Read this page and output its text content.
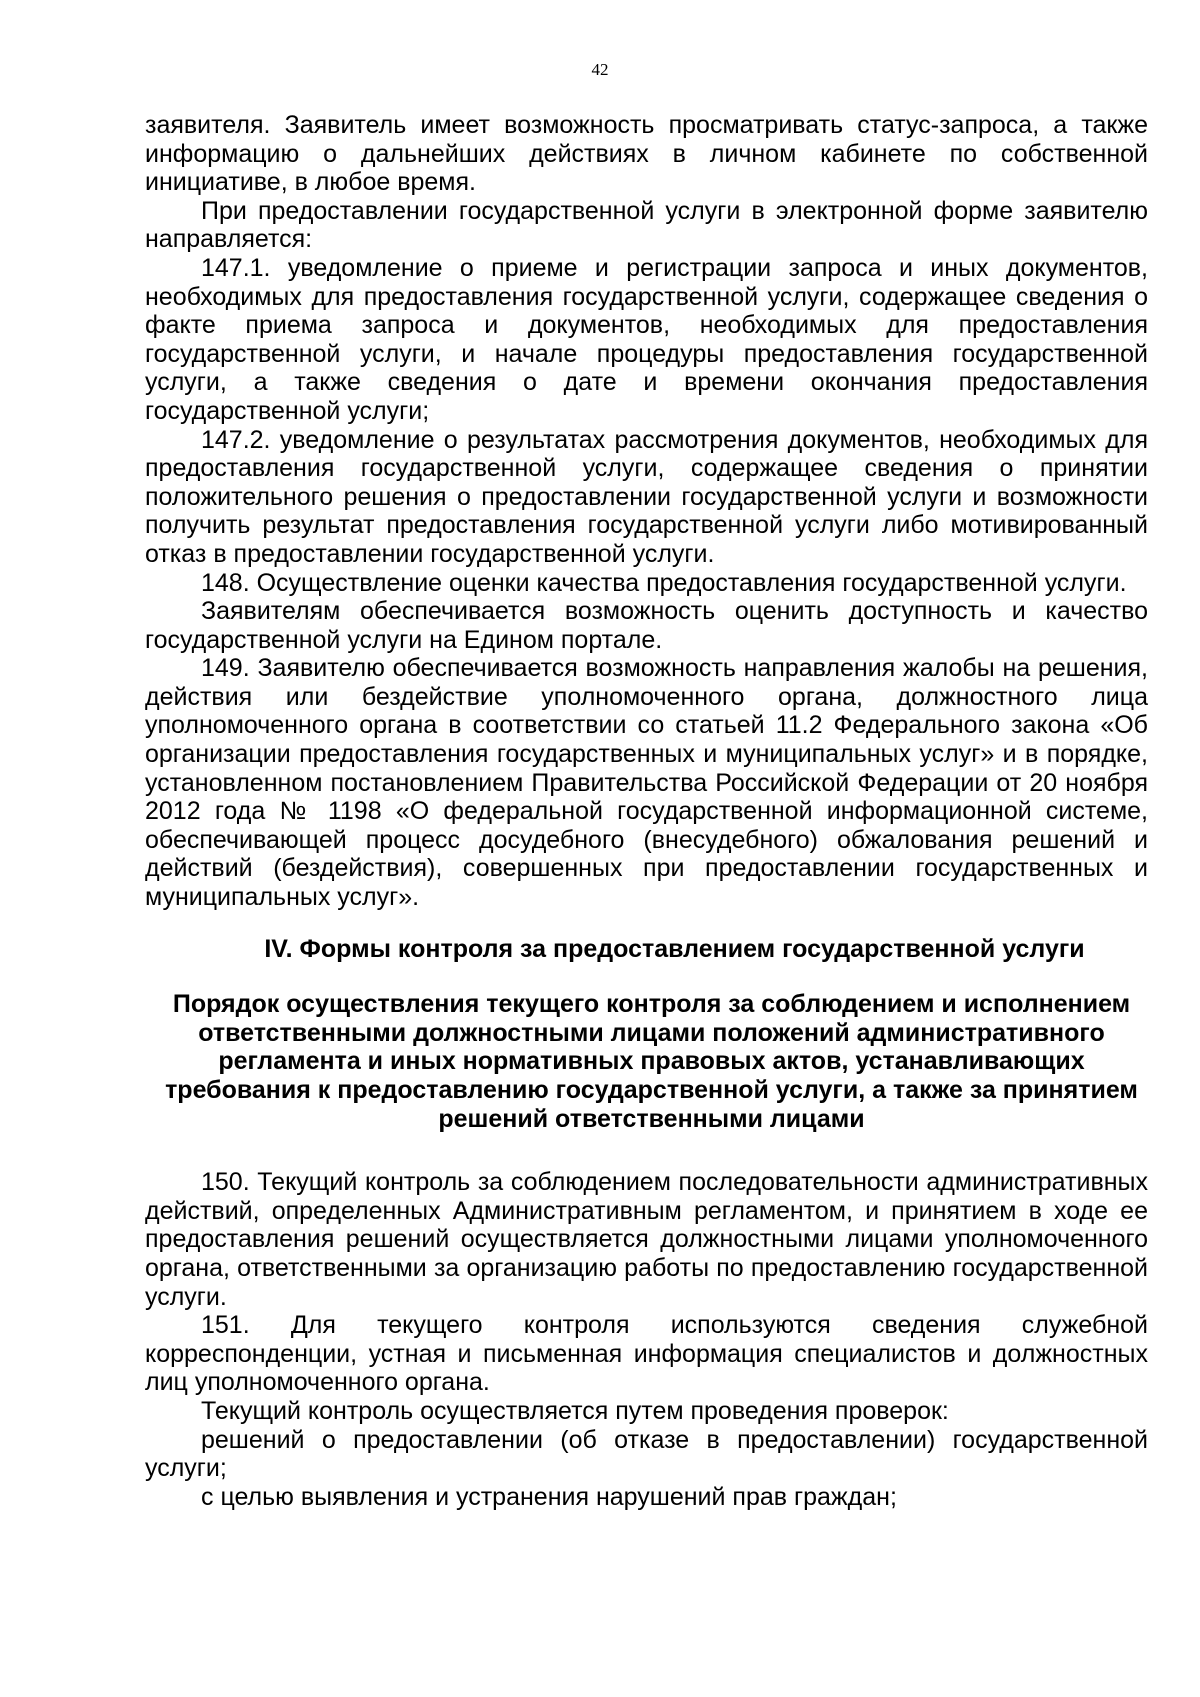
42

заявителя. Заявитель имеет возможность просматривать статус-запроса, а также информацию о дальнейших действиях в личном кабинете по собственной инициативе, в любое время.

При предоставлении государственной услуги в электронной форме заявителю направляется:

147.1. уведомление о приеме и регистрации запроса и иных документов, необходимых для предоставления государственной услуги, содержащее сведения о факте приема запроса и документов, необходимых для предоставления государственной услуги, и начале процедуры предоставления государственной услуги, а также сведения о дате и времени окончания предоставления государственной услуги;

147.2. уведомление о результатах рассмотрения документов, необходимых для предоставления государственной услуги, содержащее сведения о принятии положительного решения о предоставлении государственной услуги и возможности получить результат предоставления государственной услуги либо мотивированный отказ в предоставлении государственной услуги.

148. Осуществление оценки качества предоставления государственной услуги.

Заявителям обеспечивается возможность оценить доступность и качество государственной услуги на Едином портале.

149. Заявителю обеспечивается возможность направления жалобы на решения, действия или бездействие уполномоченного органа, должностного лица уполномоченного органа в соответствии со статьей 11.2 Федерального закона «Об организации предоставления государственных и муниципальных услуг» и в порядке, установленном постановлением Правительства Российской Федерации от 20 ноября 2012 года № 1198 «О федеральной государственной информационной системе, обеспечивающей процесс досудебного (внесудебного) обжалования решений и действий (бездействия), совершенных при предоставлении государственных и муниципальных услуг».

IV. Формы контроля за предоставлением государственной услуги
Порядок осуществления текущего контроля за соблюдением и исполнением ответственными должностными лицами положений административного регламента и иных нормативных правовых актов, устанавливающих требования к предоставлению государственной услуги, а также за принятием решений ответственными лицами

150. Текущий контроль за соблюдением последовательности административных действий, определенных Административным регламентом, и принятием в ходе ее предоставления решений осуществляется должностными лицами уполномоченного органа, ответственными за организацию работы по предоставлению государственной услуги.

151. Для текущего контроля используются сведения служебной корреспонденции, устная и письменная информация специалистов и должностных лиц уполномоченного органа.

Текущий контроль осуществляется путем проведения проверок:

решений о предоставлении (об отказе в предоставлении) государственной услуги;

с целью выявления и устранения нарушений прав граждан;
